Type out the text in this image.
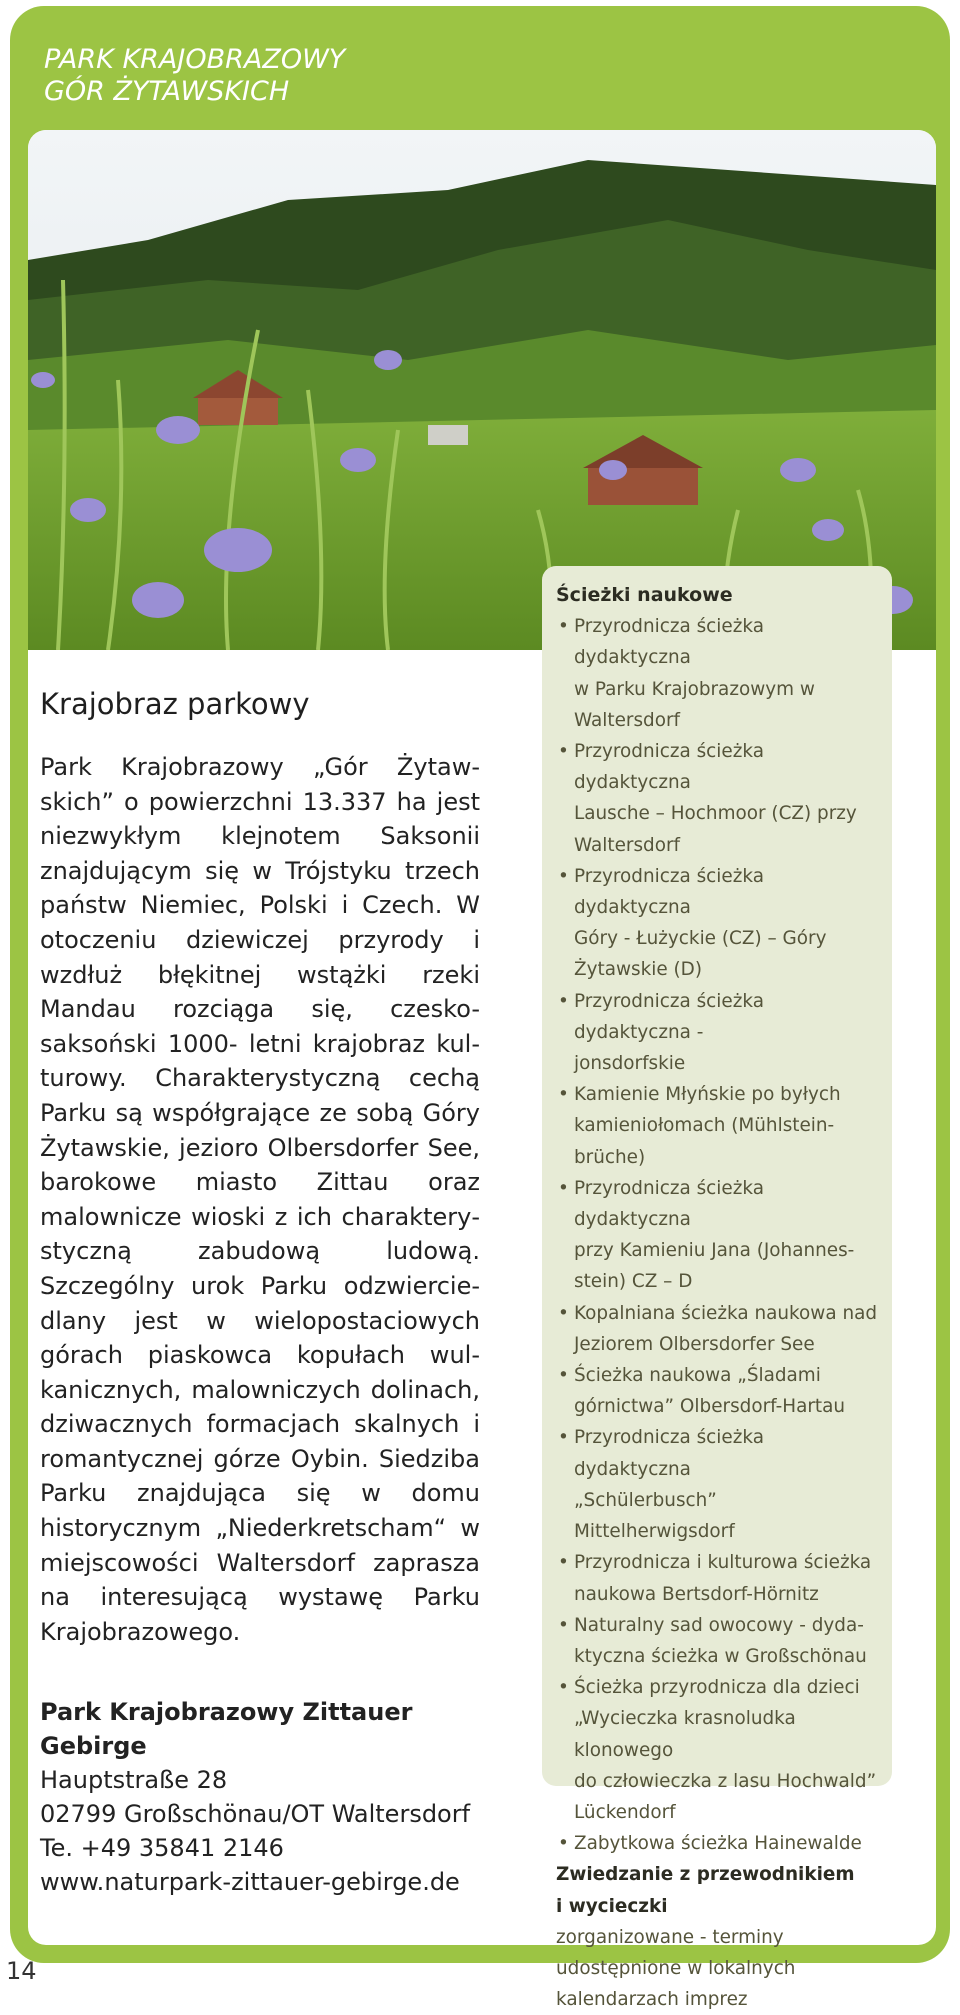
PARK KRAJOBRAZOWY
GÓR ŻYTAWSKICH
Krajobraz parkowy

Park Krajobrazowy „Gór Żytawskich” o powierzchni 13.337 ha jest niezwykłym klejnotem Saksonii znajdującym się w Trójstyku trzech państw Niemiec, Polski i Czech. W otoczeniu dziewiczej przyrody i wzdłuż błękitnej wstążki rzeki Mandau rozciąga się, czesko-saksoński 1000- letni krajobraz kulturowy. Charakterystyczną cechą Parku są współgrające ze sobą Góry Żytawskie, jezioro Olbersdorfer See, barokowe miasto Zittau oraz malownicze wioski z ich charakterystyczną zabudową ludową. Szczególny urok Parku odzwierciedlany jest w wielopostaciowych górach piaskowca kopułach wulkanicznych, malowniczych dolinach, dziwacznych formacjach skalnych i romantycznej górze Oybin. Siedziba Parku znajdująca się w domu historycznym „Niederkretscham“ w miejscowości Waltersdorf zaprasza na interesującą wystawę Parku Krajobrazowego.

Park Krajobrazowy Zittauer Gebirge
Hauptstraße 28
02799 Großschönau/OT Waltersdorf
Te. +49 35841 2146
www.naturpark-zittauer-gebirge.de
Ścieżki naukowe
• Przyrodnicza ścieżka dydaktyczna
w Parku Krajobrazowym w
Waltersdorf
• Przyrodnicza ścieżka dydaktyczna
Lausche – Hochmoor (CZ) przy
Waltersdorf
• Przyrodnicza ścieżka dydaktyczna
Góry - Łużyckie (CZ) – Góry
Żytawskie (D)
• Przyrodnicza ścieżka dydaktyczna -
jonsdorfskie
• Kamienie Młyńskie po byłych
kamieniołomach (Mühlstein-
brüche)
• Przyrodnicza ścieżka dydaktyczna
przy Kamieniu Jana (Johannes-
stein) CZ – D
• Kopalniana ścieżka naukowa nad
Jeziorem Olbersdorfer See
• Ścieżka naukowa „Śladami
górnictwa” Olbersdorf-Hartau
• Przyrodnicza ścieżka dydaktyczna
„Schülerbusch” Mittelherwigsdorf
• Przyrodnicza i kulturowa ścieżka
naukowa Bertsdorf-Hörnitz
• Naturalny sad owocowy - dyda-
ktyczna ścieżka w Großschönau
• Ścieżka przyrodnicza dla dzieci
„Wycieczka krasnoludka klonowego
do człowieczka z lasu Hochwald”
Lückendorf
• Zabytkowa ścieżka Hainewalde
Zwiedzanie z przewodnikiem
i wycieczki
zorganizowane - terminy
udostępnione w lokalnych
kalendarzach imprez
14
